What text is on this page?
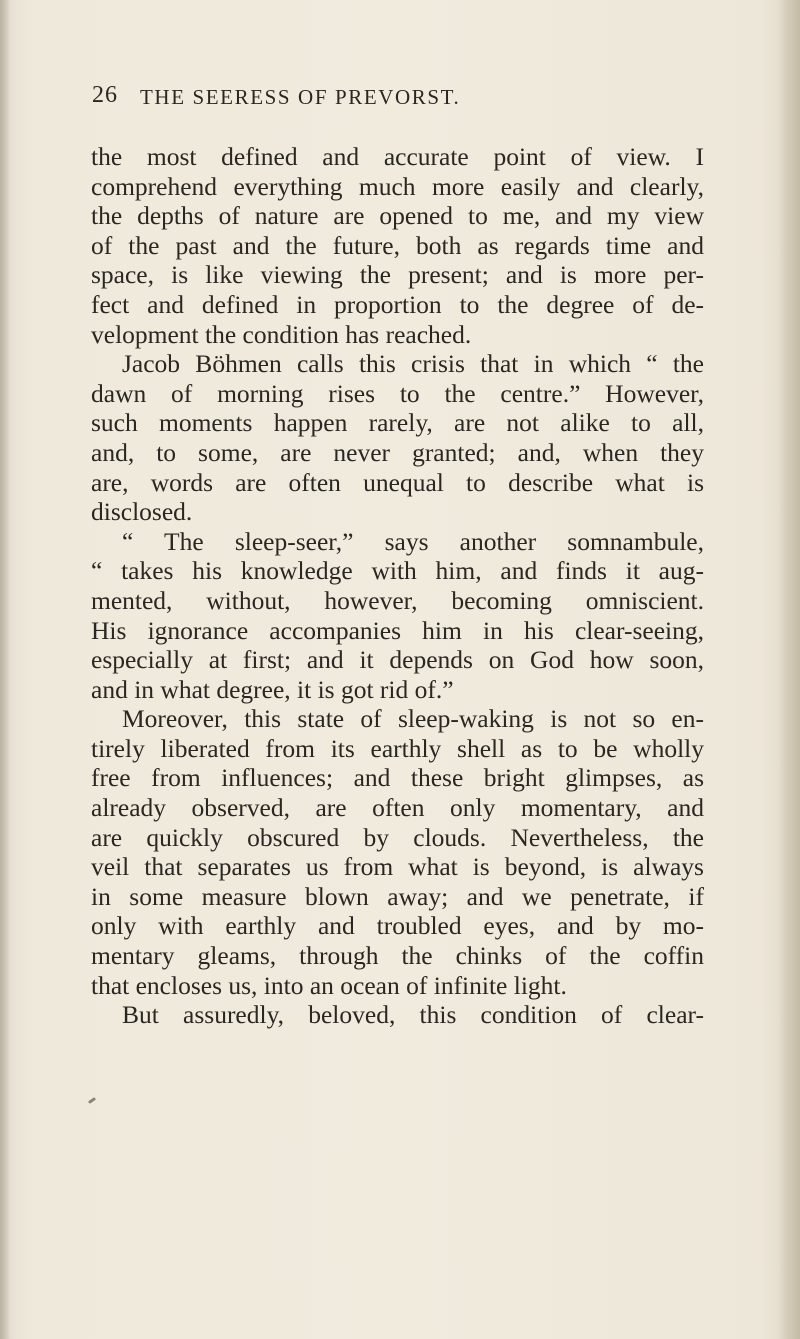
26 THE SEERESS OF PREVORST.
the most defined and accurate point of view. I
comprehend everything much more easily and clearly,
the depths of nature are opened to me, and my view
of the past and the future, both as regards time and
space, is like viewing the present; and is more per-
fect and defined in proportion to the degree of de-
velopment the condition has reached.
Jacob Böhmen calls this crisis that in which “ the
dawn of morning rises to the centre.” However,
such moments happen rarely, are not alike to all,
and, to some, are never granted; and, when they
are, words are often unequal to describe what is
disclosed.
“ The sleep-seer,” says another somnambule,
“ takes his knowledge with him, and finds it aug-
mented, without, however, becoming omniscient.
His ignorance accompanies him in his clear-seeing,
especially at first; and it depends on God how soon,
and in what degree, it is got rid of.”
Moreover, this state of sleep-waking is not so en-
tirely liberated from its earthly shell as to be wholly
free from influences; and these bright glimpses, as
already observed, are often only momentary, and
are quickly obscured by clouds. Nevertheless, the
veil that separates us from what is beyond, is always
in some measure blown away; and we penetrate, if
only with earthly and troubled eyes, and by mo-
mentary gleams, through the chinks of the coffin
that encloses us, into an ocean of infinite light.
But assuredly, beloved, this condition of clear-
